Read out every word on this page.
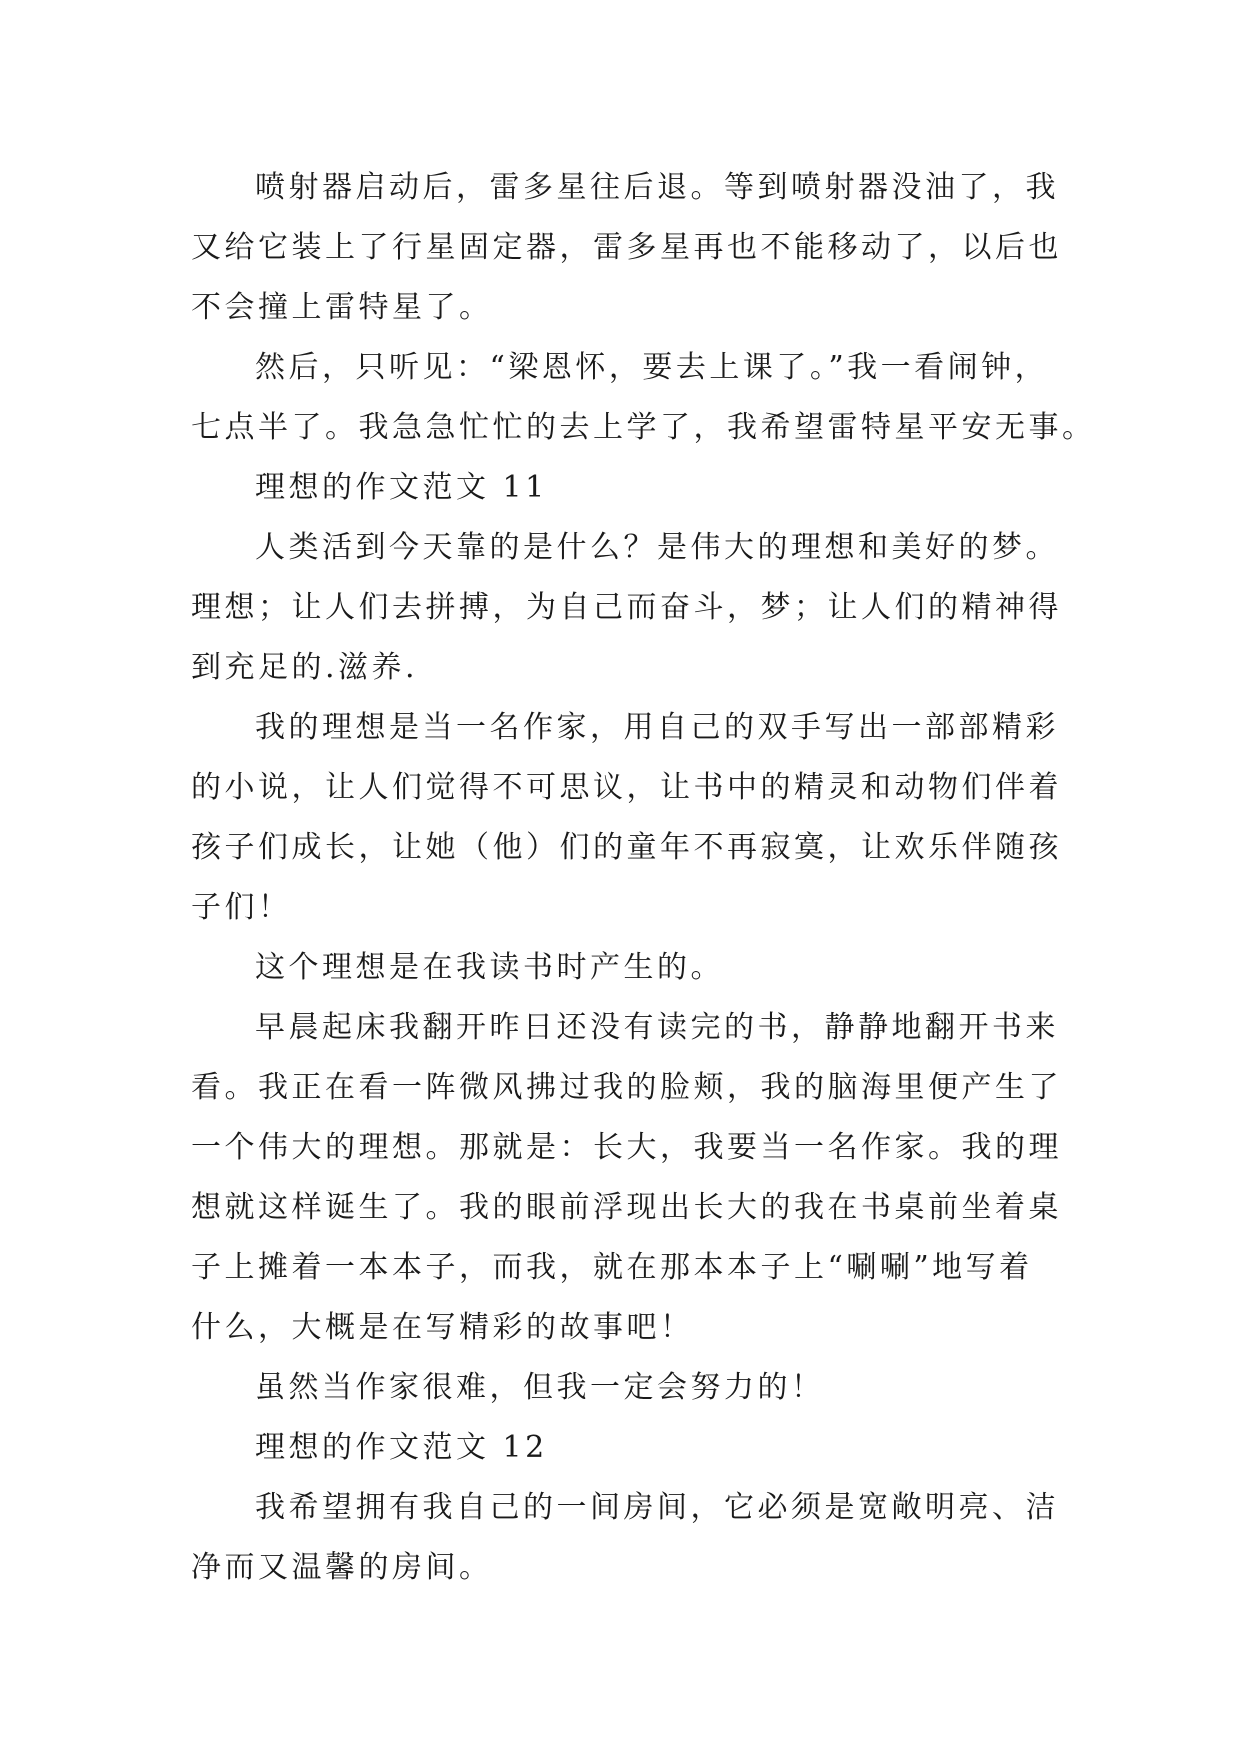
喷射器启动后，雷多星往后退。等到喷射器没油了，我
又给它装上了行星固定器，雷多星再也不能移动了，以后也
不会撞上雷特星了。
然后，只听见：“梁恩怀，要去上课了。”我一看闹钟，
七点半了。我急急忙忙的去上学了，我希望雷特星平安无事。
理想的作文范文 11
人类活到今天靠的是什么？是伟大的理想和美好的梦。
理想；让人们去拼搏，为自己而奋斗，梦；让人们的精神得
到充足的.滋养.
我的理想是当一名作家，用自己的双手写出一部部精彩
的小说，让人们觉得不可思议，让书中的精灵和动物们伴着
孩子们成长，让她（他）们的童年不再寂寞，让欢乐伴随孩
子们！
这个理想是在我读书时产生的。
早晨起床我翻开昨日还没有读完的书，静静地翻开书来
看。我正在看一阵微风拂过我的脸颊，我的脑海里便产生了
一个伟大的理想。那就是：长大，我要当一名作家。我的理
想就这样诞生了。我的眼前浮现出长大的我在书桌前坐着桌
子上摊着一本本子，而我，就在那本本子上“唰唰”地写着
什么，大概是在写精彩的故事吧！
虽然当作家很难，但我一定会努力的！
理想的作文范文 12
我希望拥有我自己的一间房间，它必须是宽敞明亮、洁
净而又温馨的房间。
